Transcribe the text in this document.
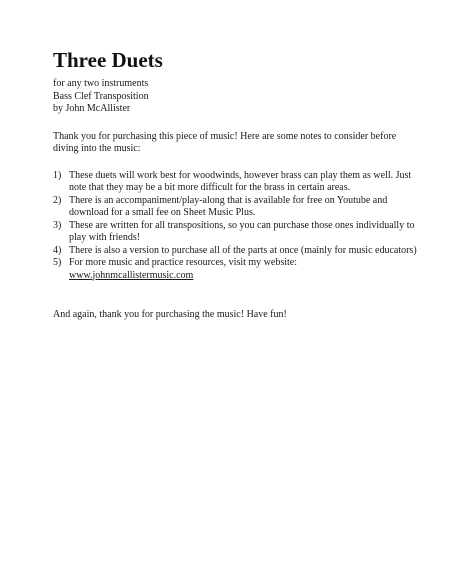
Three Duets

for any two instruments

Bass Clef Transposition

by John McAllister

Thank you for purchasing this piece of music! Here are some notes to consider before diving into the music:

1) These duets will work best for woodwinds, however brass can play them as well. Just note that they may be a bit more difficult for the brass in certain areas.
2) There is an accompaniment/play-along that is available for free on Youtube and download for a small fee on Sheet Music Plus.
3) These are written for all transpositions, so you can purchase those ones individually to play with friends!
4) There is also a version to purchase all of the parts at once (mainly for music educators)
5) For more music and practice resources, visit my website:
www.johnmcallistermusic.com

And again, thank you for purchasing the music! Have fun!
